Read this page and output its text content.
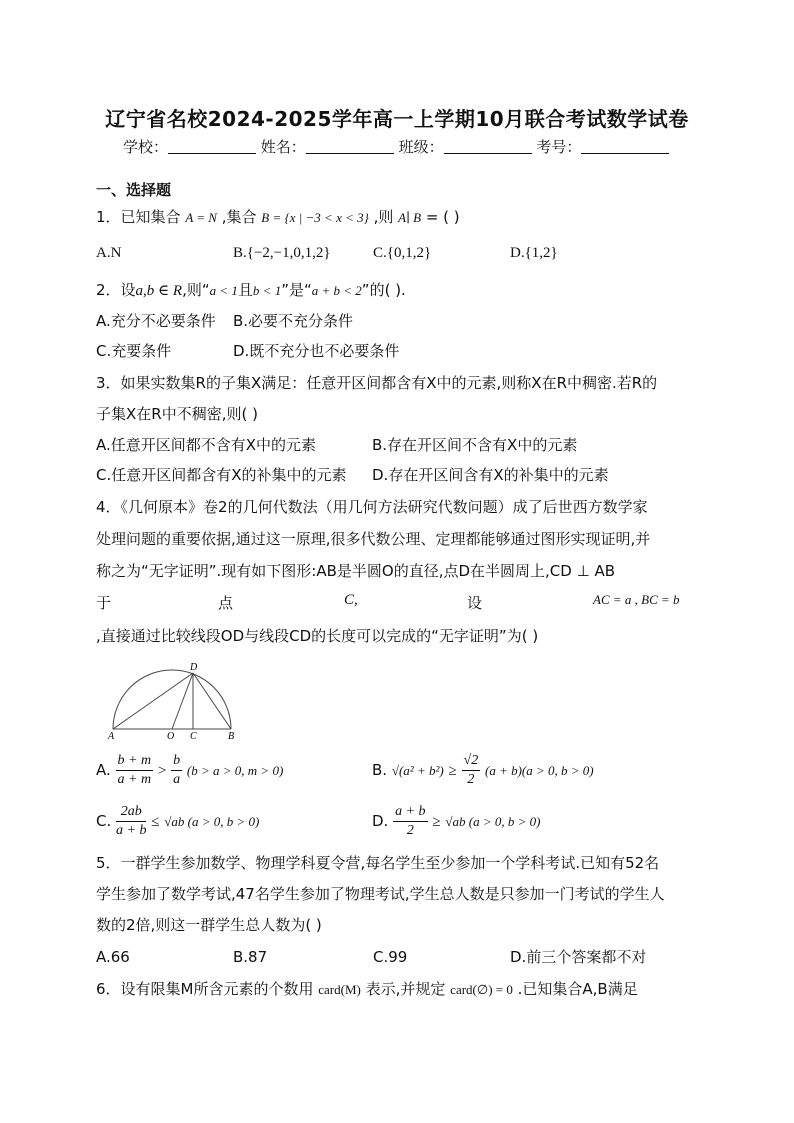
辽宁省名校2024-2025学年高一上学期10月联合考试数学试卷
学校：	姓名：	班级：	考号：
一、选择题
1．已知集合 A = N ,集合 B = {x | −3 < x < 3} ,则 A∣ B = ( )
A.N	B.{−2,−1,0,1,2}	C.{0,1,2}	D.{1,2}
2．设a,b ∈ R,则“a < 1且b < 1”是“a + b < 2”的( ).
A.充分不必要条件 B.必要不充分条件
C.充要条件	D.既不充分也不必要条件
3．如果实数集R的子集X满足：任意开区间都含有X中的元素,则称X在R中稠密.若R的
子集X在R中不稠密,则( )
A.任意开区间都不含有X中的元素	B.存在开区间不含有X中的元素
C.任意开区间都含有X的补集中的元素 D.存在开区间含有X的补集中的元素
4．《几何原本》卷2的几何代数法（用几何方法研究代数问题）成了后世西方数学家
处理问题的重要依据,通过这一原理,很多代数公理、定理都能够通过图形实现证明,并
称之为“无字证明”.现有如下图形:AB是半圆O的直径,点D在半圆周上,CD ⊥ AB
于	点	C,	设	AC = a , BC = b
,直接通过比较线段OD与线段CD的长度可以完成的“无字证明”为( )
A	O C	B
D
A. $\frac{b + m}{a + m} > \frac{b}{a} (b > a > 0$, m > 0)	B. $√(a^2 + b^2) \ge \frac{√2}{2} (a + b)(a > 0$, b > 0)
C. $\frac{2ab}{a + b} \le √ab$ (a > 0, b > 0)	D. $\frac{a + b}{2} \ge √ab$ (a > 0, b > 0)
5．一群学生参加数学、物理学科夏令营,每名学生至少参加一个学科考试.已知有52名
学生参加了数学考试,47名学生参加了物理考试,学生总人数是只参加一门考试的学生人
数的2倍,则这一群学生总人数为( )
A.66	B.87	C.99	D.前三个答案都不对
6．设有限集M所含元素的个数用 card(M) 表示,并规定 card(∅) = 0 .已知集合A,B满足
